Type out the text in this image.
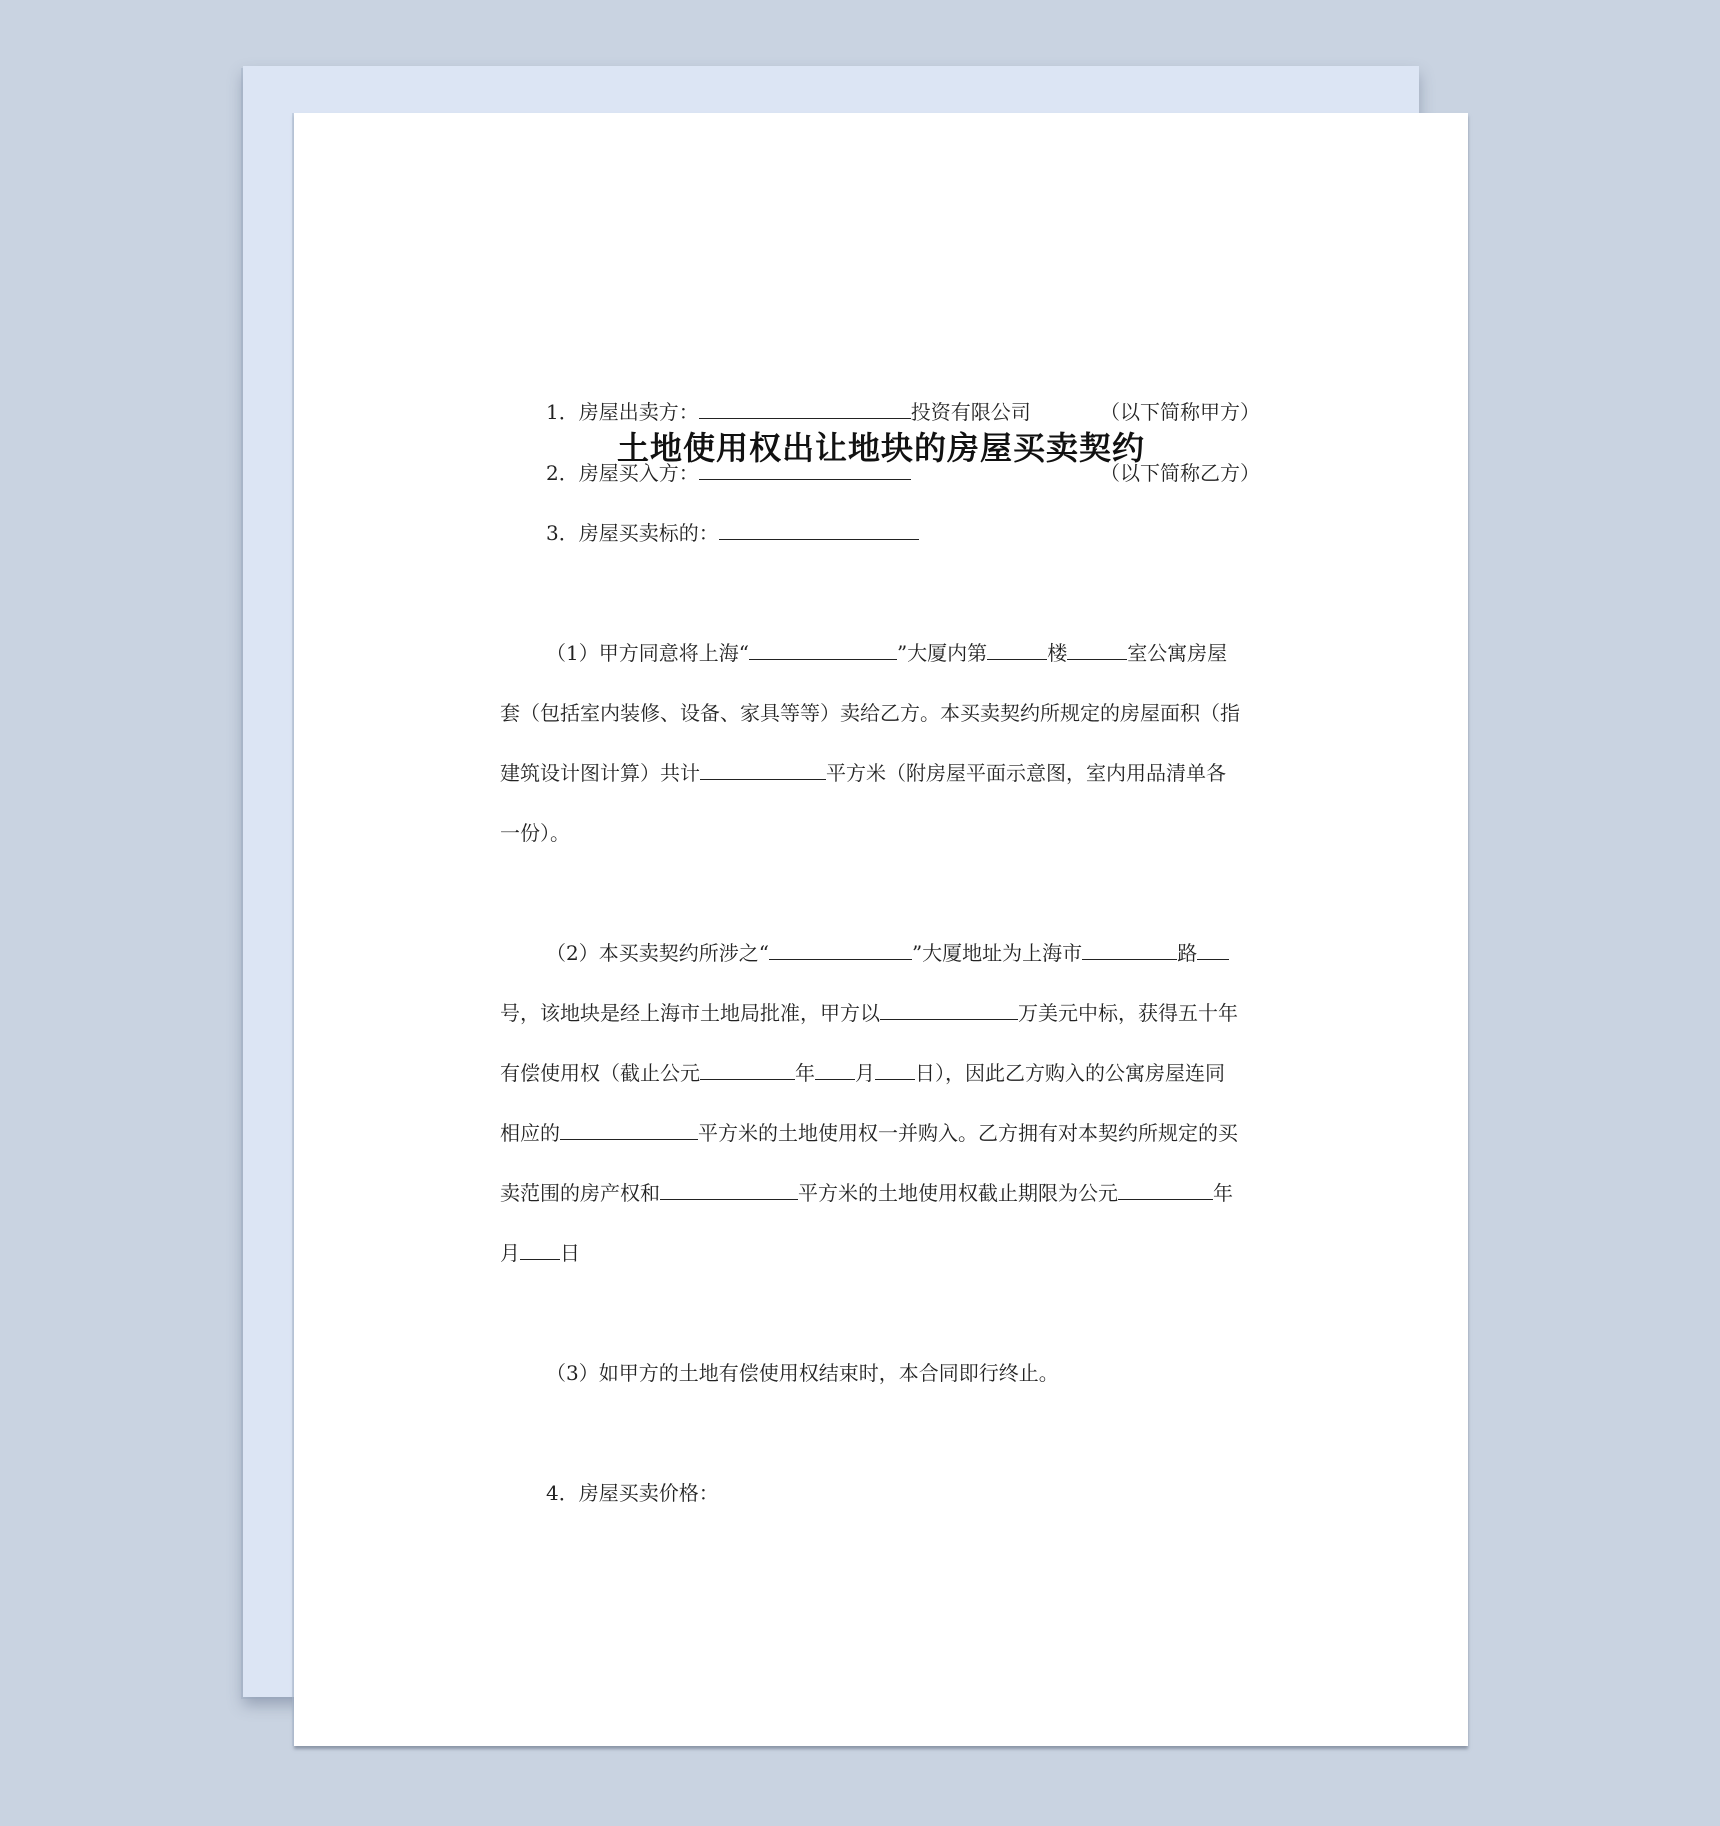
土地使用权出让地块的房屋买卖契约
1．房屋出卖方：	投资有限公司	（以下简称甲方）
2．房屋买入方：	（以下简称乙方）
3．房屋买卖标的：
（1）甲方同意将上海“	”大厦内第	楼	室公寓房屋
套（包括室内装修、设备、家具等等）卖给乙方。本买卖契约所规定的房屋面积（指
建筑设计图计算）共计	平方米（附房屋平面示意图，室内用品清单各
一份）。
（2）本买卖契约所涉之“	”大厦地址为上海市	路
号，该地块是经上海市土地局批准，甲方以	万美元中标，获得五十年
有偿使用权（截止公元	年 月 日），因此乙方购入的公寓房屋连同
相应的	平方米的土地使用权一并购入。乙方拥有对本契约所规定的买
卖范围的房产权和	平方米的土地使用权截止期限为公元	年
月 日
（3）如甲方的土地有偿使用权结束时，本合同即行终止。
4．房屋买卖价格：
